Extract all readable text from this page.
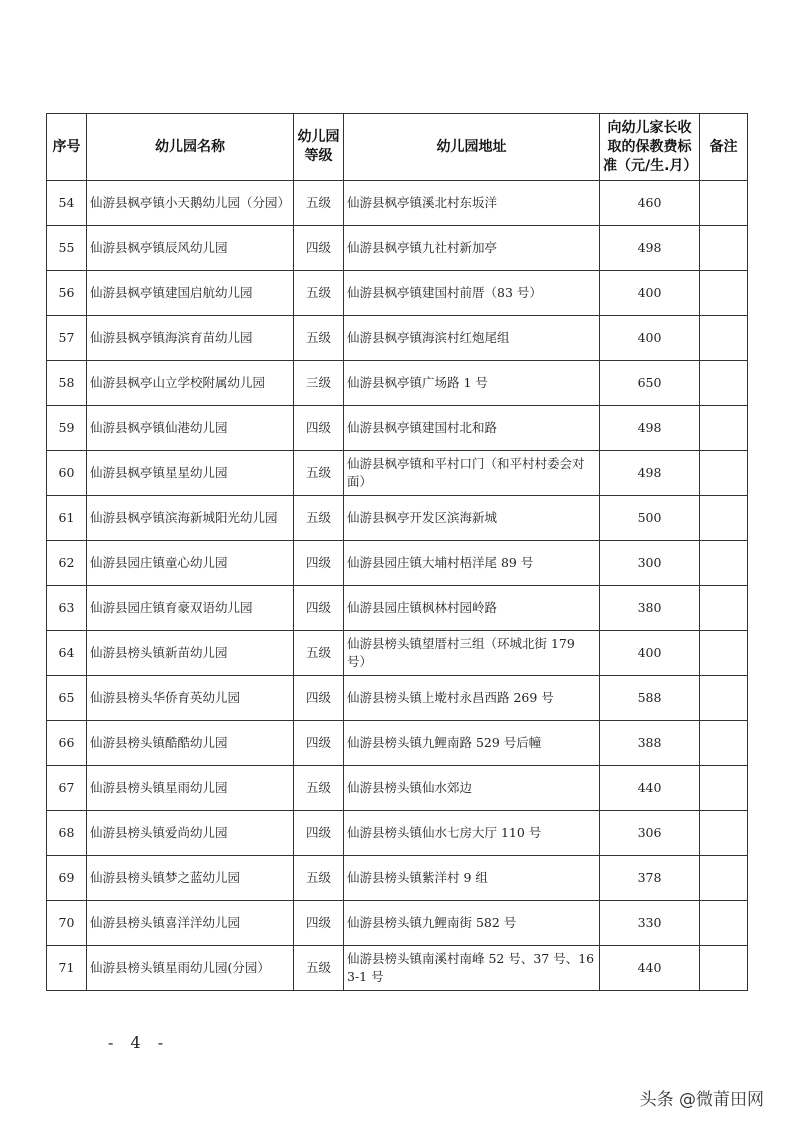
序号	幼儿园名称	幼儿园等级	幼儿园地址	向幼儿家长收取的保教费标准（元/生.月）	备注
54	仙游县枫亭镇小天鹅幼儿园（分园）	五级	仙游县枫亭镇溪北村东坂洋	460	
55	仙游县枫亭镇辰风幼儿园	四级	仙游县枫亭镇九社村新加亭	498	
56	仙游县枫亭镇建国启航幼儿园	五级	仙游县枫亭镇建国村前厝（83 号）	400	
57	仙游县枫亭镇海滨育苗幼儿园	五级	仙游县枫亭镇海滨村红炮尾组	400	
58	仙游县枫亭山立学校附属幼儿园	三级	仙游县枫亭镇广场路 1 号	650	
59	仙游县枫亭镇仙港幼儿园	四级	仙游县枫亭镇建国村北和路	498	
60	仙游县枫亭镇星星幼儿园	五级	仙游县枫亭镇和平村口门（和平村村委会对面）	498	
61	仙游县枫亭镇滨海新城阳光幼儿园	五级	仙游县枫亭开发区滨海新城	500	
62	仙游县园庄镇童心幼儿园	四级	仙游县园庄镇大埔村梧洋尾 89 号	300	
63	仙游县园庄镇育豪双语幼儿园	四级	仙游县园庄镇枫林村园岭路	380	
64	仙游县榜头镇新苗幼儿园	五级	仙游县榜头镇望厝村三组（环城北街 179 号）	400	
65	仙游县榜头华侨育英幼儿园	四级	仙游县榜头镇上墘村永昌西路 269 号	588	
66	仙游县榜头镇酷酷幼儿园	四级	仙游县榜头镇九鲤南路 529 号后幢	388	
67	仙游县榜头镇星雨幼儿园	五级	仙游县榜头镇仙水郊边	440	
68	仙游县榜头镇爱尚幼儿园	四级	仙游县榜头镇仙水七房大厅 110 号	306	
69	仙游县榜头镇梦之蓝幼儿园	五级	仙游县榜头镇紫洋村 9 组	378	
70	仙游县榜头镇喜洋洋幼儿园	四级	仙游县榜头镇九鲤南街 582 号	330	
71	仙游县榜头镇星雨幼儿园(分园）	五级	仙游县榜头镇南溪村南峰 52 号、37 号、163-1 号	440	
- 4 -
头条 @微莆田网
